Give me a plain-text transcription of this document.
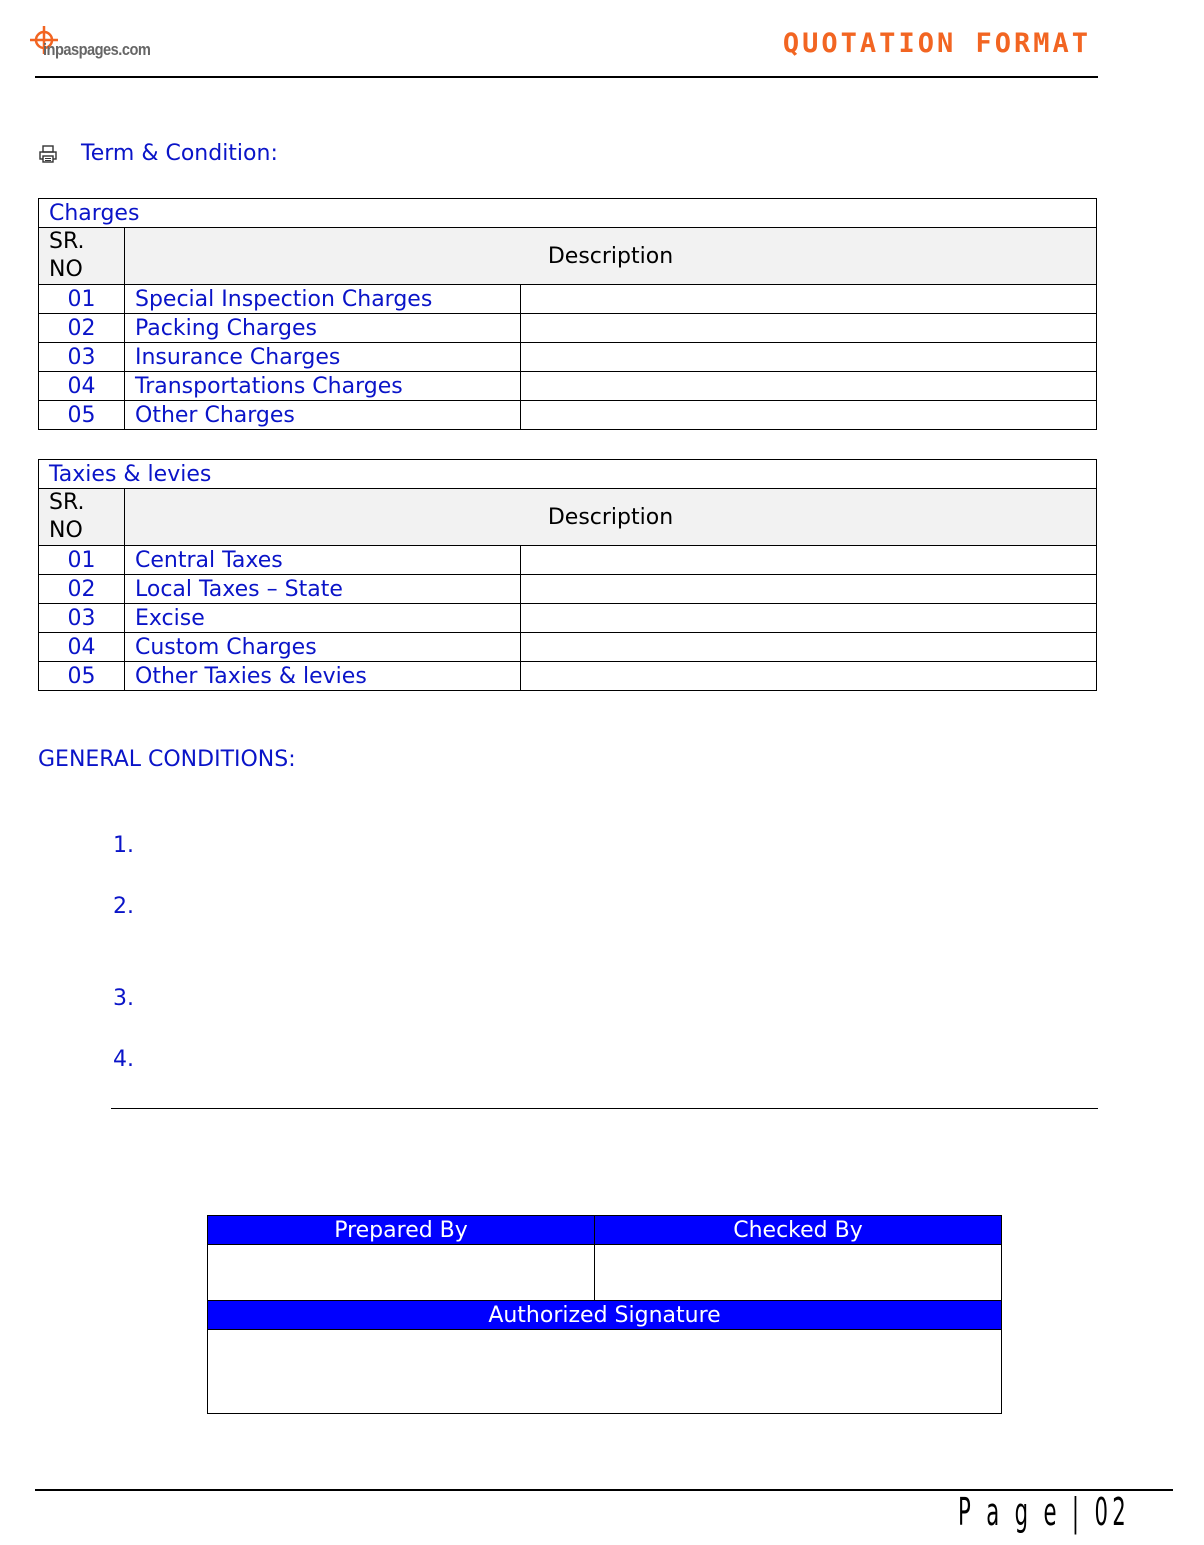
inpaspages.com	QUOTATION FORMAT
Term & Condition:
Charges		
SR.
NO	Description	
01	Special Inspection Charges	
02	Packing Charges	
03	Insurance Charges	
04	Transportations Charges	
05	Other Charges	
Taxies & levies		
SR.
NO	Description	
01	Central Taxes	
02	Local Taxes – State	
03	Excise	
04	Custom Charges	
05	Other Taxies & levies	
GENERAL CONDITIONS:
1.
2.
3.
4.
Prepared By	Checked By

Authorized Signature	

P a g e | 02
